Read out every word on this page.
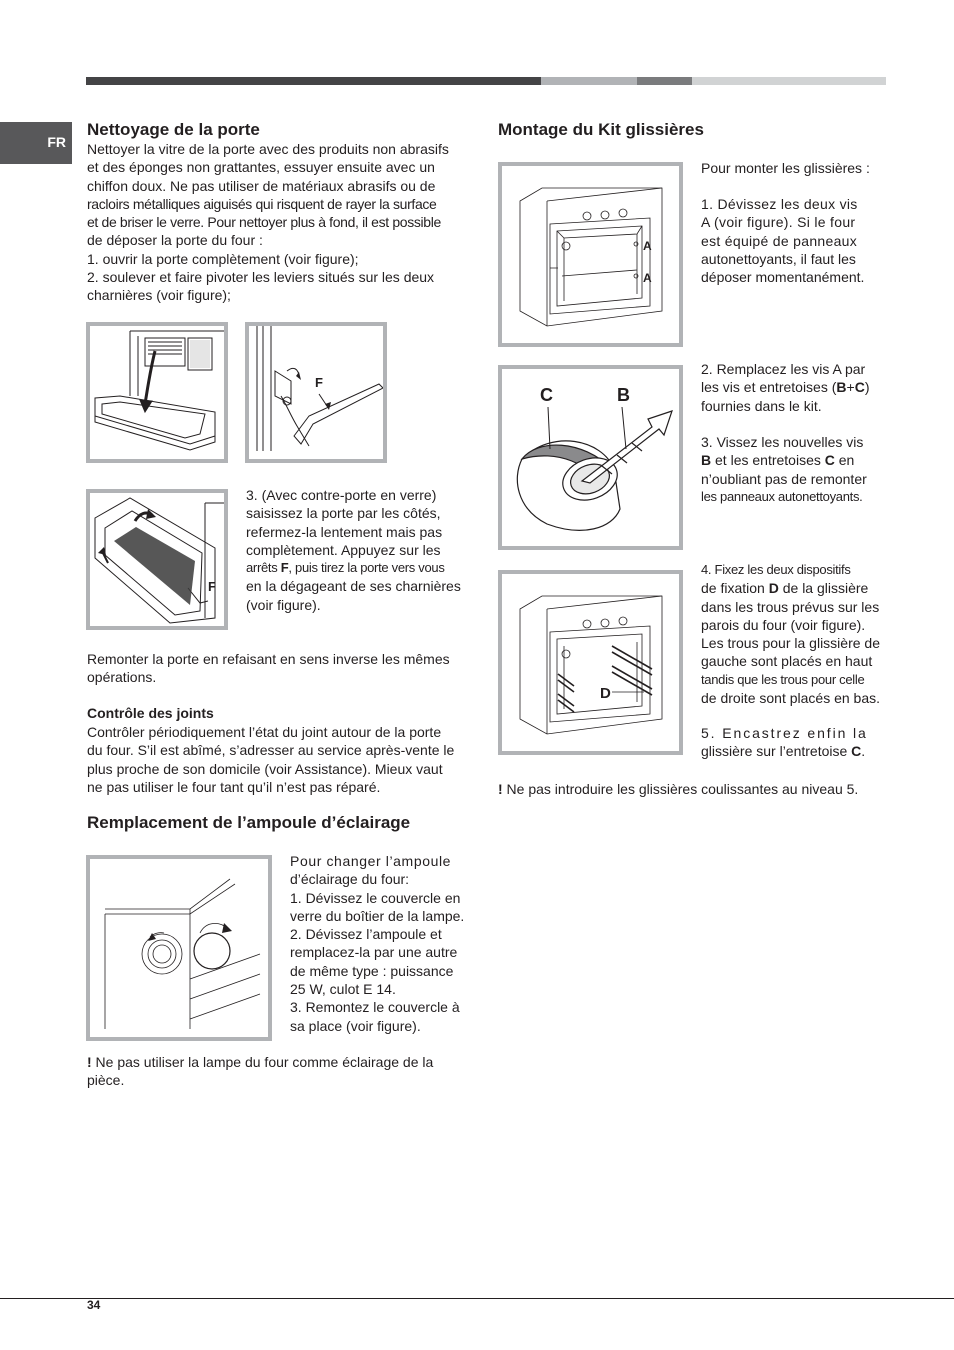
FR
Nettoyage de la porte
Nettoyer la vitre de la porte avec des produits non abrasifs
et des éponges non grattantes, essuyer ensuite avec un
chiffon doux. Ne pas utiliser de matériaux abrasifs ou de
racloirs métalliques aiguisés qui risquent de rayer la surface
et de briser le verre. Pour nettoyer plus à fond, il est possible
de déposer la porte du four :
1. ouvrir la porte complètement (voir figure);
2. soulever et faire pivoter les leviers situés sur les deux
charnières (voir figure);
F
F
3. (Avec contre-porte en verre)
saisissez la porte par les côtés,
refermez-la lentement mais pas
complètement. Appuyez sur les
arrêts F, puis tirez la porte vers vous
en la dégageant de ses charnières
(voir figure).
Remonter la porte en refaisant en sens inverse les mêmes
opérations.
Contrôle des joints
Contrôler périodiquement l’état du joint autour de la porte
du four. S’il est abîmé, s’adresser au service après-vente le
plus proche de son domicile (voir Assistance). Mieux vaut
ne pas utiliser le four tant qu’il n’est pas réparé.
Remplacement de l’ampoule d’éclairage
Pour changer l’ampoule
d’éclairage du four:
1. Dévissez le couvercle en
verre du boîtier de la lampe.
2. Dévissez l’ampoule et
remplacez-la par une autre
de même type : puissance
25 W, culot E 14.
3. Remontez le couvercle à
sa place (voir figure).
! Ne pas utiliser la lampe du four comme éclairage de la
pièce.
Montage du Kit glissières
A
A
Pour monter les glissières :
1. Dévissez les deux vis
A (voir figure). Si le four
est équipé de panneaux
autonettoyants, il faut les
déposer momentanément.
C	B
2. Remplacez les vis A par
les vis et entretoises (B+C)
fournies dans le kit.
3. Vissez les nouvelles vis
B et les entretoises C en
n’oubliant pas de remonter
les panneaux autonettoyants.
D
4. Fixez les deux dispositifs
de fixation D de la glissière
dans les trous prévus sur les
parois du four (voir figure).
Les trous pour la glissière de
gauche sont placés en haut
tandis que les trous pour celle
de droite sont placés en bas.
5. Encastrez enfin la
glissière sur l’entretoise C.
! Ne pas introduire les glissières coulissantes au niveau 5.
34
